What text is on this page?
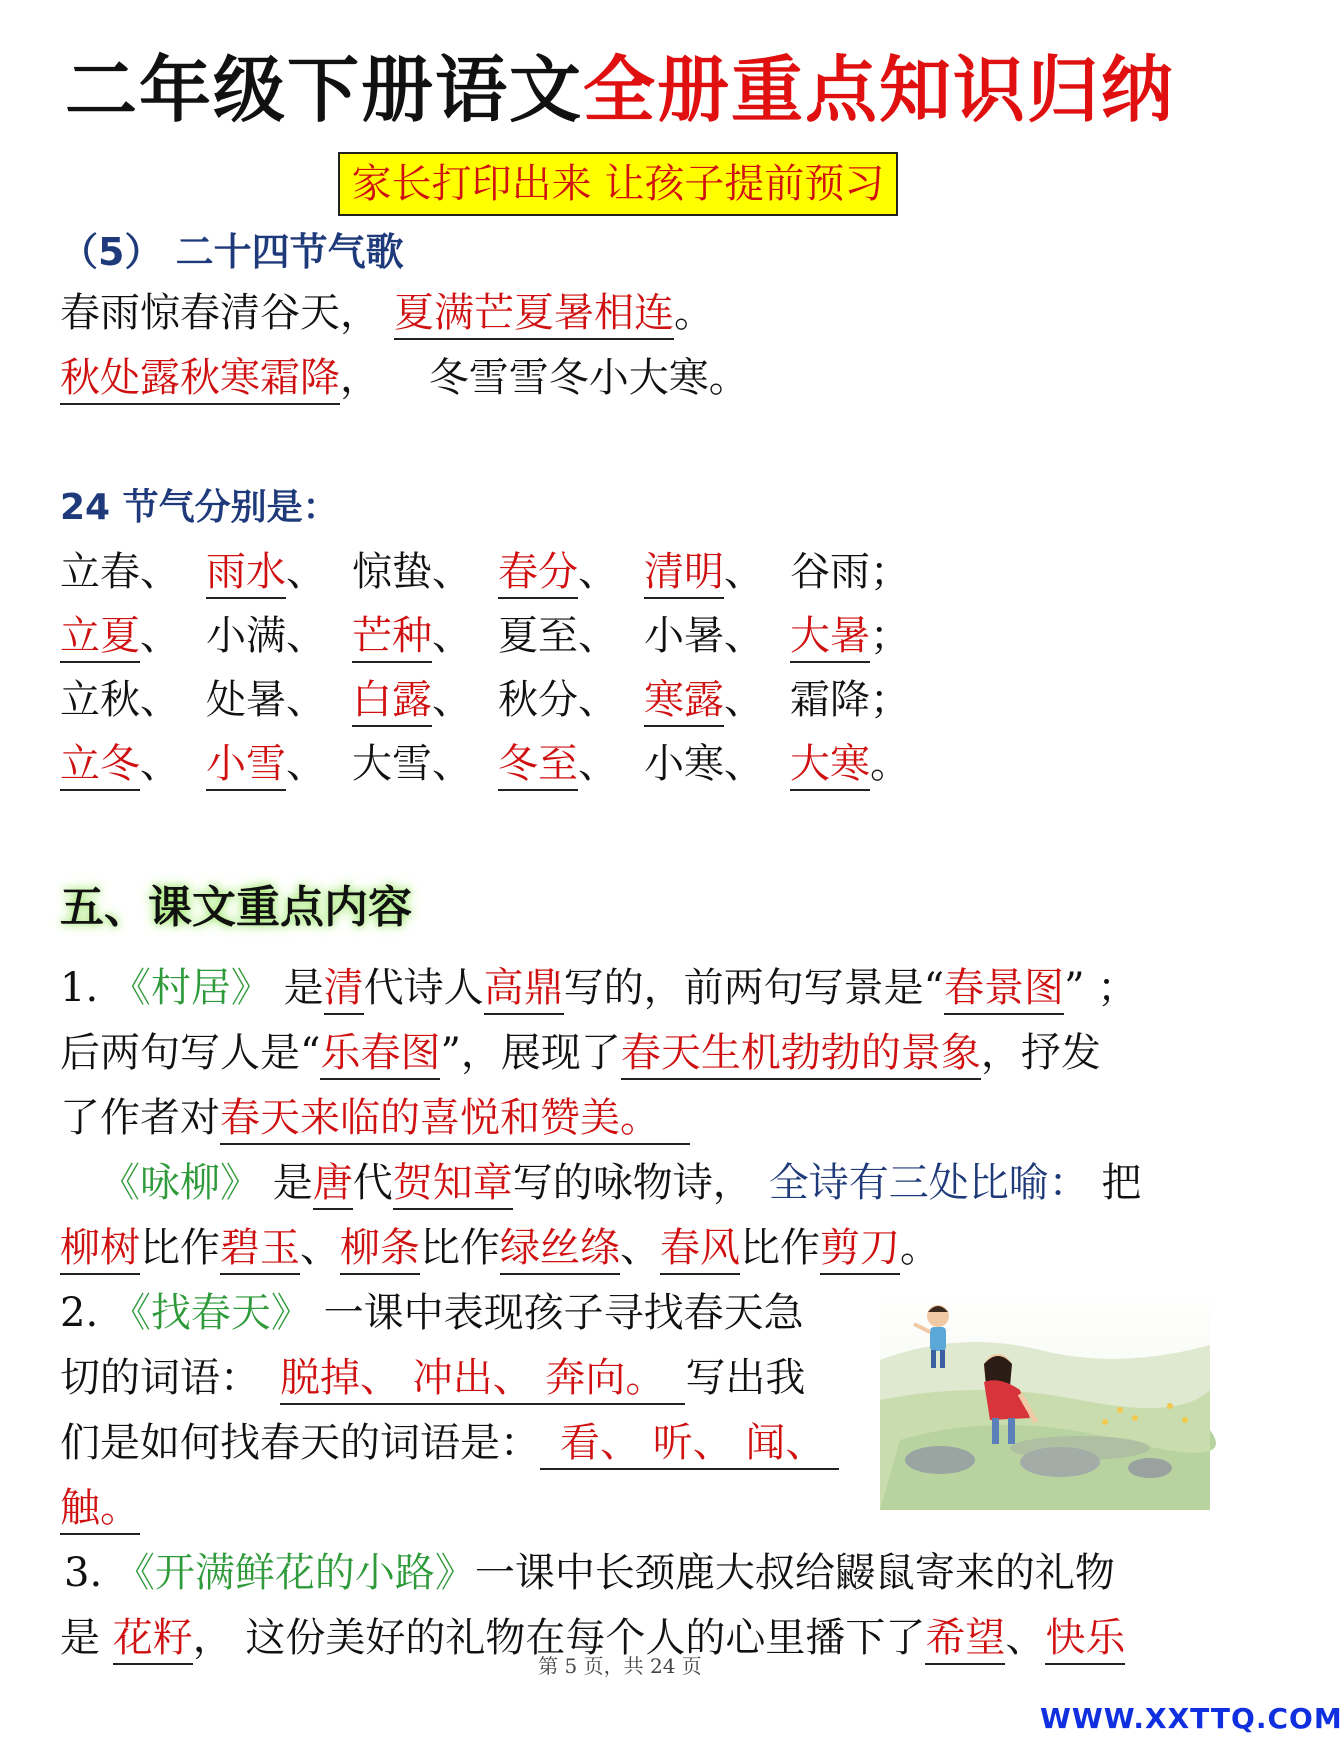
二年级下册语文全册重点知识归纳
家长打印出来 让孩子提前预习
（5） 二十四节气歌
春雨惊春清谷天， 夏满芒夏暑相连。
秋处露秋寒霜降， 冬雪雪冬小大寒。
24 节气分别是：
立春、 雨水、 惊蛰、 春分、 清明、 谷雨；
立夏、 小满、 芒种、 夏至、 小暑、 大暑；
立秋、 处暑、 白露、 秋分、 寒露、 霜降；
立冬、 小雪、 大雪、 冬至、 小寒、 大寒。
五、课文重点内容
1. 《村居》 是清代诗人高鼎写的，前两句写景是“春景图” ；
后两句写人是“乐春图”，展现了春天生机勃勃的景象，抒发
了作者对春天来临的喜悦和赞美。
《咏柳》 是唐代贺知章写的咏物诗， 全诗有三处比喻： 把
柳树比作碧玉、柳条比作绿丝绦、春风比作剪刀。
2. 《找春天》 一课中表现孩子寻找春天急
切的词语： 脱掉、 冲出、 奔向。 写出我
们是如何找春天的词语是： 看、 听、 闻、
触。
3. 《开满鲜花的小路》一课中长颈鹿大叔给鼹鼠寄来的礼物
是 花籽， 这份美好的礼物在每个人的心里播下了希望、快乐
第 5 页，共 24 页
WWW.XXTTQ.COM
